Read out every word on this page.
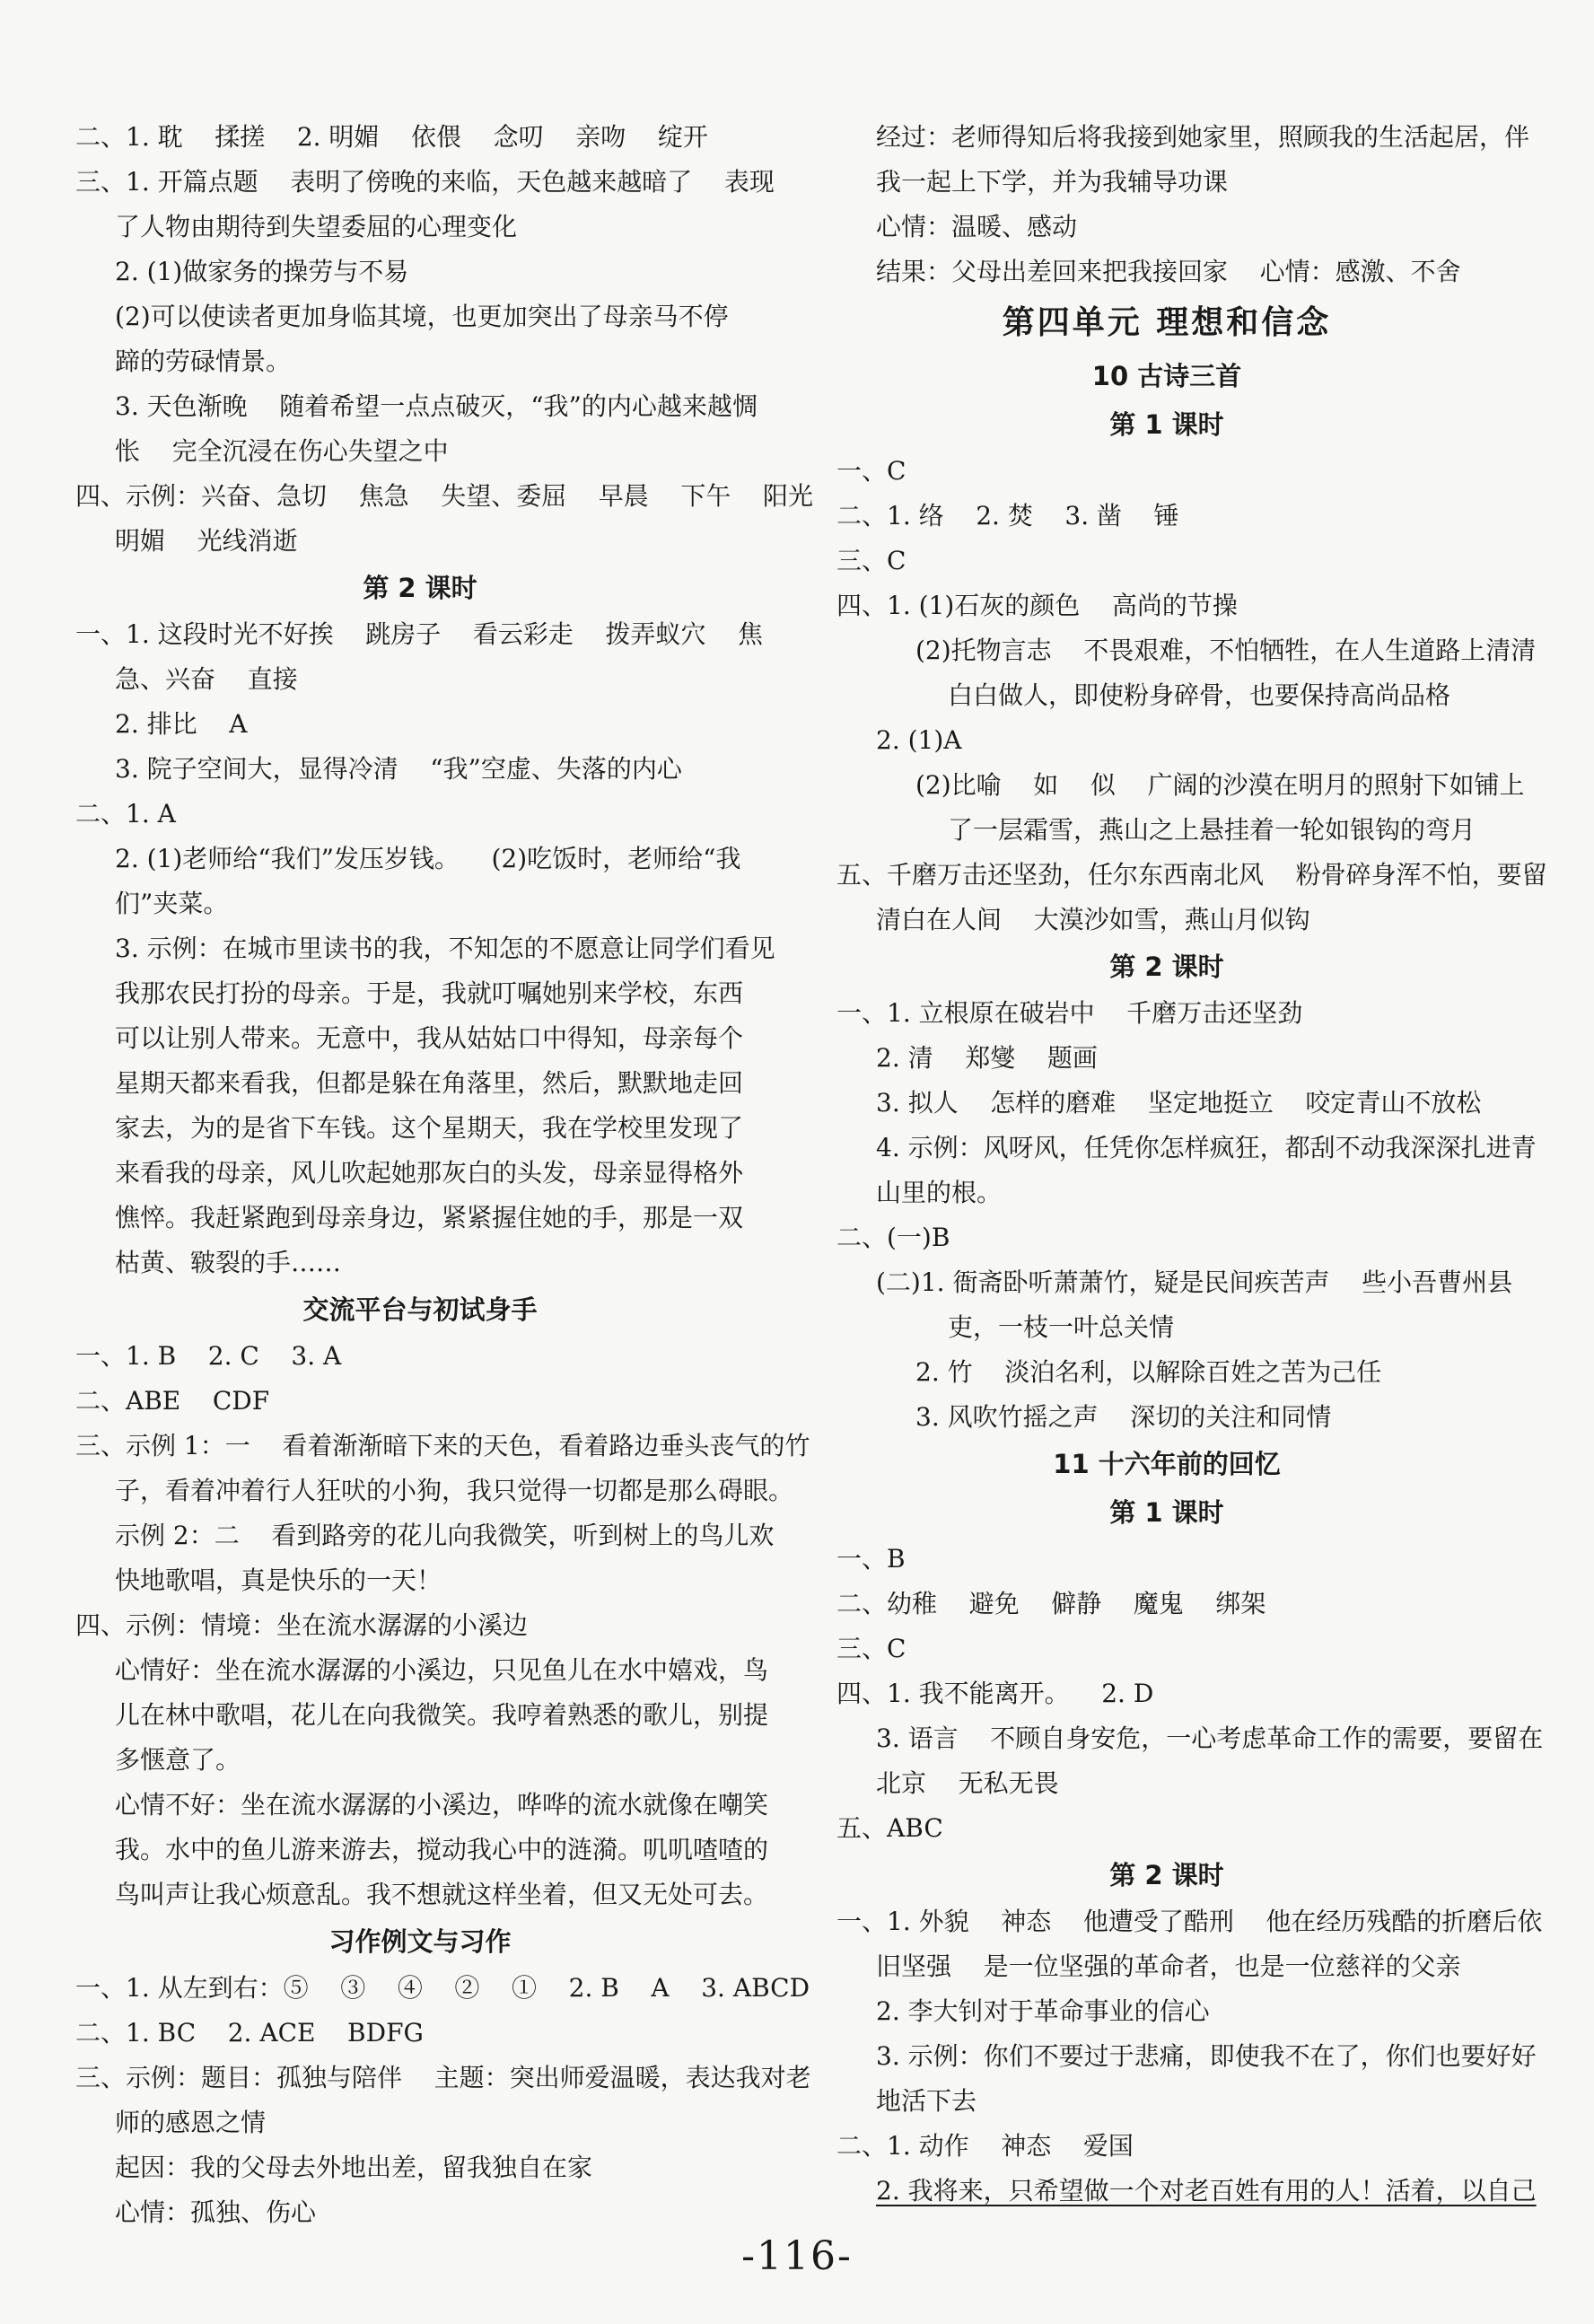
二、1. 耽    揉搓    2. 明媚    依偎    念叨    亲吻    绽开
三、1. 开篇点题    表明了傍晚的来临，天色越来越暗了    表现
了人物由期待到失望委屈的心理变化
2. (1)做家务的操劳与不易
(2)可以使读者更加身临其境，也更加突出了母亲马不停
蹄的劳碌情景。
3. 天色渐晚    随着希望一点点破灭，“我”的内心越来越惆
怅    完全沉浸在伤心失望之中
四、示例：兴奋、急切    焦急    失望、委屈    早晨    下午    阳光
明媚    光线消逝
第 2 课时
一、1. 这段时光不好挨    跳房子    看云彩走    拨弄蚁穴    焦
急、兴奋    直接
2. 排比    A
3. 院子空间大，显得冷清    “我”空虚、失落的内心
二、1. A
2. (1)老师给“我们”发压岁钱。    (2)吃饭时，老师给“我
们”夹菜。
3. 示例：在城市里读书的我，不知怎的不愿意让同学们看见
我那农民打扮的母亲。于是，我就叮嘱她别来学校，东西
可以让别人带来。无意中，我从姑姑口中得知，母亲每个
星期天都来看我，但都是躲在角落里，然后，默默地走回
家去，为的是省下车钱。这个星期天，我在学校里发现了
来看我的母亲，风儿吹起她那灰白的头发，母亲显得格外
憔悴。我赶紧跑到母亲身边，紧紧握住她的手，那是一双
枯黄、皲裂的手……
交流平台与初试身手
一、1. B    2. C    3. A
二、ABE    CDF
三、示例 1：一    看着渐渐暗下来的天色，看着路边垂头丧气的竹
子，看着冲着行人狂吠的小狗，我只觉得一切都是那么碍眼。
示例 2：二    看到路旁的花儿向我微笑，听到树上的鸟儿欢
快地歌唱，真是快乐的一天！
四、示例：情境：坐在流水潺潺的小溪边
心情好：坐在流水潺潺的小溪边，只见鱼儿在水中嬉戏，鸟
儿在林中歌唱，花儿在向我微笑。我哼着熟悉的歌儿，别提
多惬意了。
心情不好：坐在流水潺潺的小溪边，哗哗的流水就像在嘲笑
我。水中的鱼儿游来游去，搅动我心中的涟漪。叽叽喳喳的
鸟叫声让我心烦意乱。我不想就这样坐着，但又无处可去。
习作例文与习作
一、1. 从左到右：⑤    ③    ④    ②    ①    2. B    A    3. ABCD
二、1. BC    2. ACE    BDFG
三、示例：题目：孤独与陪伴    主题：突出师爱温暖，表达我对老
师的感恩之情
起因：我的父母去外地出差，留我独自在家
心情：孤独、伤心
经过：老师得知后将我接到她家里，照顾我的生活起居，伴
我一起上下学，并为我辅导功课
心情：温暖、感动
结果：父母出差回来把我接回家    心情：感激、不舍
第四单元 理想和信念
10 古诗三首
第 1 课时
一、C
二、1. 络    2. 焚    3. 凿    锤
三、C
四、1. (1)石灰的颜色    高尚的节操
(2)托物言志    不畏艰难，不怕牺牲，在人生道路上清清
白白做人，即使粉身碎骨，也要保持高尚品格
2. (1)A
(2)比喻    如    似    广阔的沙漠在明月的照射下如铺上
了一层霜雪，燕山之上悬挂着一轮如银钩的弯月
五、千磨万击还坚劲，任尔东西南北风    粉骨碎身浑不怕，要留
清白在人间    大漠沙如雪，燕山月似钩
第 2 课时
一、1. 立根原在破岩中    千磨万击还坚劲
2. 清    郑燮    题画
3. 拟人    怎样的磨难    坚定地挺立    咬定青山不放松
4. 示例：风呀风，任凭你怎样疯狂，都刮不动我深深扎进青
山里的根。
二、(一)B
(二)1. 衙斋卧听萧萧竹，疑是民间疾苦声    些小吾曹州县
吏，一枝一叶总关情
2. 竹    淡泊名利，以解除百姓之苦为己任
3. 风吹竹摇之声    深切的关注和同情
11 十六年前的回忆
第 1 课时
一、B
二、幼稚    避免    僻静    魔鬼    绑架
三、C
四、1. 我不能离开。    2. D
3. 语言    不顾自身安危，一心考虑革命工作的需要，要留在
北京    无私无畏
五、ABC
第 2 课时
一、1. 外貌    神态    他遭受了酷刑    他在经历残酷的折磨后依
旧坚强    是一位坚强的革命者，也是一位慈祥的父亲
2. 李大钊对于革命事业的信心
3. 示例：你们不要过于悲痛，即使我不在了，你们也要好好
地活下去
二、1. 动作    神态    爱国
2. 我将来，只希望做一个对老百姓有用的人！活着，以自己
-116-
